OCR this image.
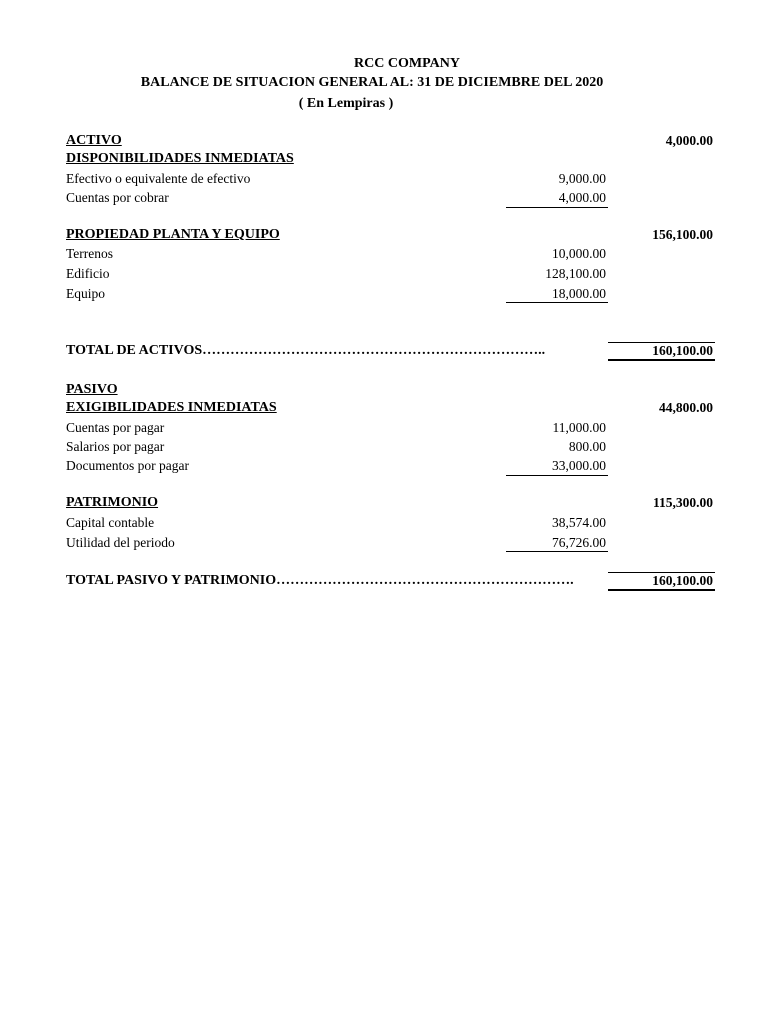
RCC COMPANY
BALANCE DE SITUACION GENERAL AL: 31 DE DICIEMBRE DEL 2020
( En Lempiras )
ACTIVO	4,000.00
DISPONIBILIDADES INMEDIATAS
Efectivo o equivalente de efectivo	9,000.00
Cuentas por cobrar	4,000.00
PROPIEDAD PLANTA Y EQUIPO	156,100.00
Terrenos	10,000.00
Edificio	128,100.00
Equipo	18,000.00
TOTAL DE ACTIVOS………………………………………………………………..	160,100.00
PASIVO
EXIGIBILIDADES INMEDIATAS	44,800.00
Cuentas por pagar	11,000.00
Salarios por pagar	800.00
Documentos por pagar	33,000.00
PATRIMONIO	115,300.00
Capital contable	38,574.00
Utilidad del periodo	76,726.00
TOTAL PASIVO Y PATRIMONIO……………………………………………………….	160,100.00
